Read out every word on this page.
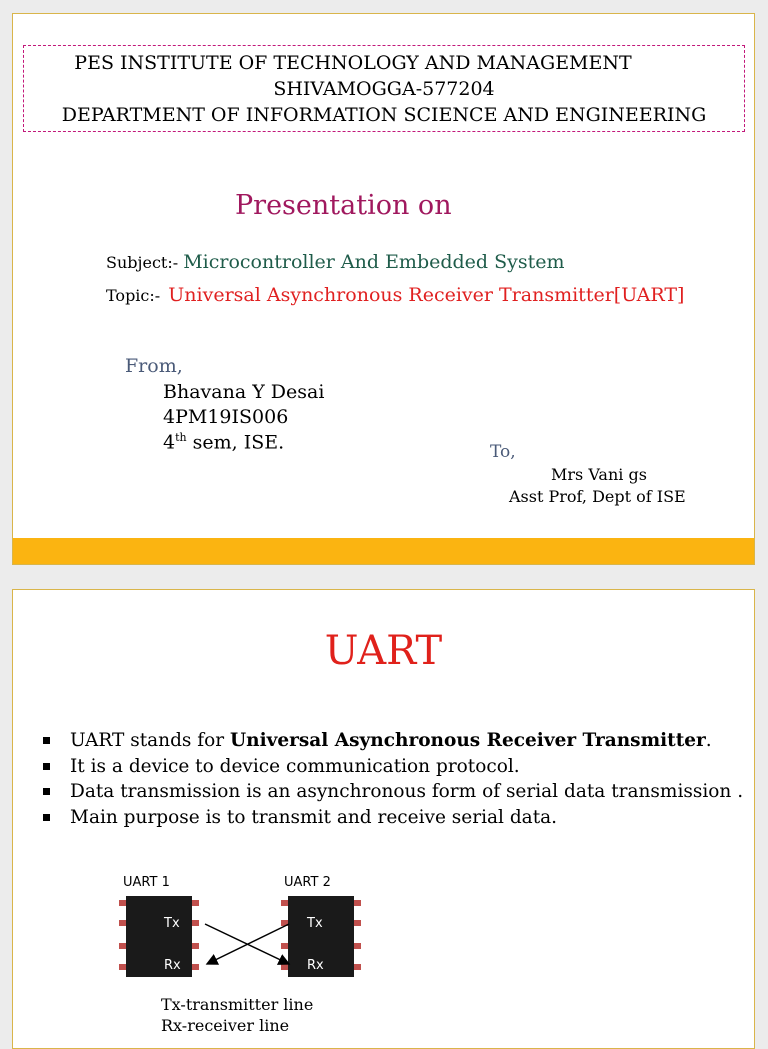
PES INSTITUTE OF TECHNOLOGY AND MANAGEMENT
SHIVAMOGGA-577204
DEPARTMENT OF INFORMATION SCIENCE AND ENGINEERING
Presentation on
Subject:- Microcontroller And Embedded System
Topic:- Universal Asynchronous Receiver Transmitter[UART]
From,
Bhavana Y Desai
4PM19IS006
4th sem, ISE.	To,
Mrs Vani gs
Asst Prof, Dept of ISE
UART
UART stands for Universal Asynchronous Receiver Transmitter.
It is a device to device communication protocol.
Data transmission is an asynchronous form of serial data transmission .
Main purpose is to transmit and receive serial data.
UART 1	UART 2
Tx
Rx
Tx
Rx
Tx-transmitter line
Rx-receiver line
